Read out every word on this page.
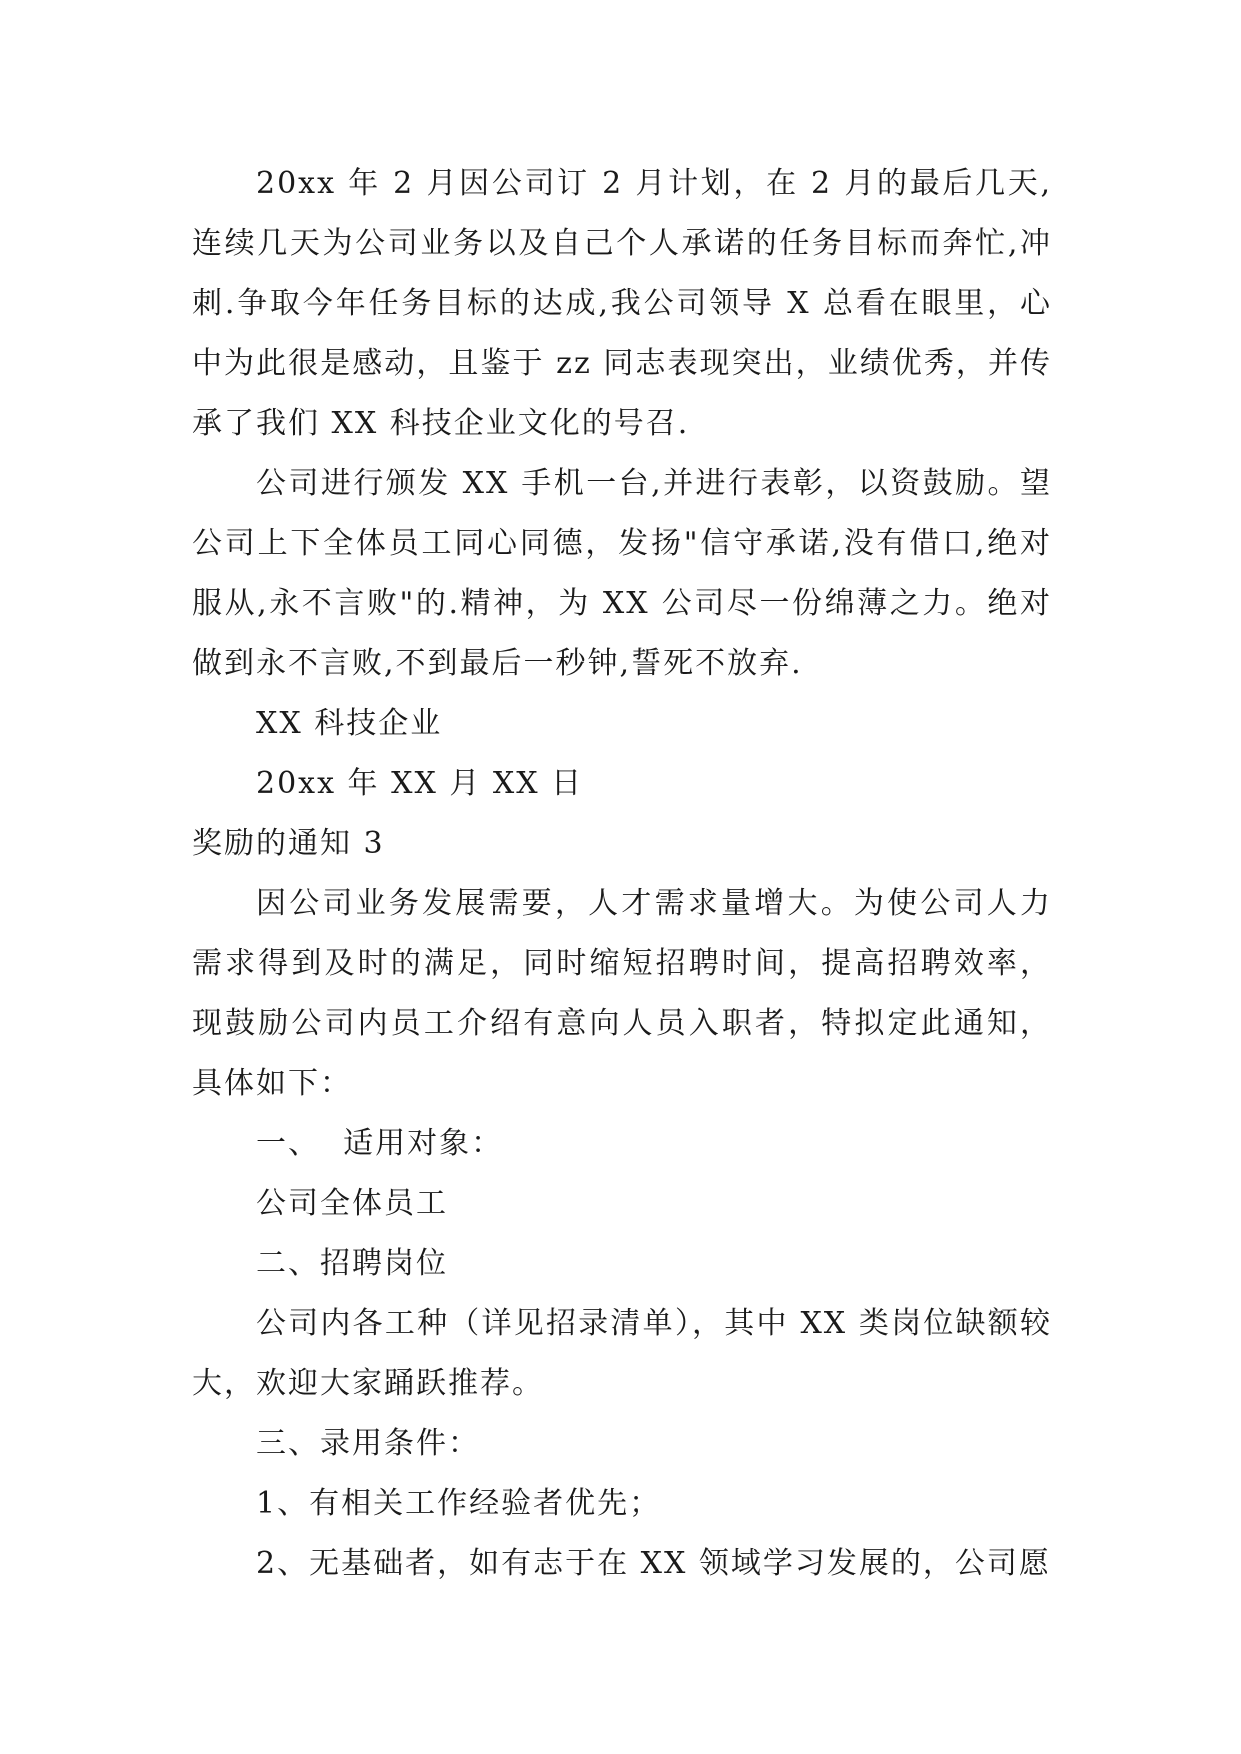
20xx 年 2 月因公司订 2 月计划，在 2 月的最后几天,连续几天为公司业务以及自己个人承诺的任务目标而奔忙,冲刺.争取今年任务目标的达成,我公司领导 X 总看在眼里，心中为此很是感动，且鉴于 zz 同志表现突出，业绩优秀，并传承了我们 XX 科技企业文化的号召.

公司进行颁发 XX 手机一台,并进行表彰，以资鼓励。望公司上下全体员工同心同德，发扬"信守承诺,没有借口,绝对服从,永不言败"的.精神，为 XX 公司尽一份绵薄之力。绝对做到永不言败,不到最后一秒钟,誓死不放弃.

XX 科技企业

20xx 年 XX 月 XX 日

奖励的通知 3

因公司业务发展需要，人才需求量增大。为使公司人力需求得到及时的满足，同时缩短招聘时间，提高招聘效率，现鼓励公司内员工介绍有意向人员入职者，特拟定此通知，具体如下：

一、  适用对象：

公司全体员工

二、招聘岗位

公司内各工种（详见招录清单），其中 XX 类岗位缺额较大，欢迎大家踊跃推荐。

三、录用条件：

1、有相关工作经验者优先；

2、无基础者，如有志于在 XX 领域学习发展的，公司愿
